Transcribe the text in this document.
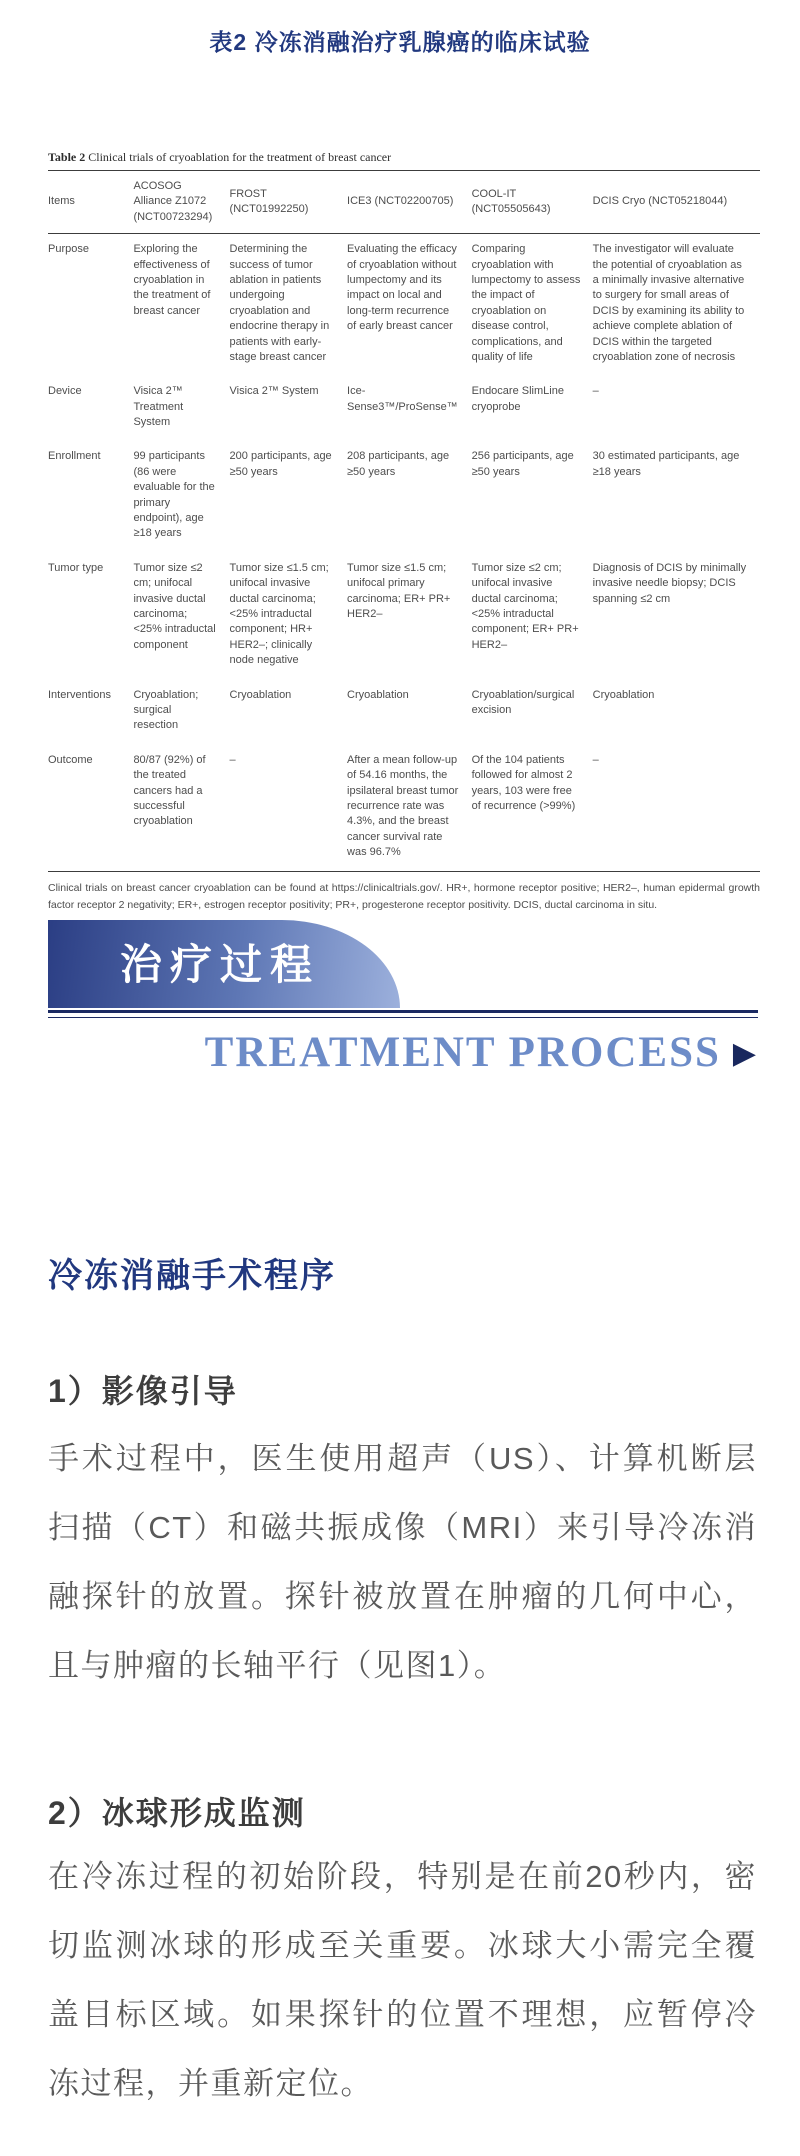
表2 冷冻消融治疗乳腺癌的临床试验
Table 2 Clinical trials of cryoablation for the treatment of breast cancer
Items	ACOSOG Alliance Z1072 (NCT00723294)	FROST (NCT01992250)	ICE3 (NCT02200705)	COOL-IT (NCT05505643)	DCIS Cryo (NCT05218044)
Purpose	Exploring the effectiveness of cryoablation in the treatment of breast cancer	Determining the success of tumor ablation in patients undergoing cryoablation and endocrine therapy in patients with early-stage breast cancer	Evaluating the efficacy of cryoablation without lumpectomy and its impact on local and long-term recurrence of early breast cancer	Comparing cryoablation with lumpectomy to assess the impact of cryoablation on disease control, complications, and quality of life	The investigator will evaluate the potential of cryoablation as a minimally invasive alternative to surgery for small areas of DCIS by examining its ability to achieve complete ablation of DCIS within the targeted cryoablation zone of necrosis
Device	Visica 2™ Treatment System	Visica 2™ System	Ice-Sense3™/ProSense™	Endocare SlimLine cryoprobe	–
Enrollment	99 participants (86 were evaluable for the primary endpoint), age ≥18 years	200 participants, age ≥50 years	208 participants, age ≥50 years	256 participants, age ≥50 years	30 estimated participants, age ≥18 years
Tumor type	Tumor size ≤2 cm; unifocal invasive ductal carcinoma; <25% intraductal component	Tumor size ≤1.5 cm; unifocal invasive ductal carcinoma; <25% intraductal component; HR+ HER2–; clinically node negative	Tumor size ≤1.5 cm; unifocal primary carcinoma; ER+ PR+ HER2–	Tumor size ≤2 cm; unifocal invasive ductal carcinoma; <25% intraductal component; ER+ PR+ HER2–	Diagnosis of DCIS by minimally invasive needle biopsy; DCIS spanning ≤2 cm
Interventions	Cryoablation; surgical resection	Cryoablation	Cryoablation	Cryoablation/surgical excision	Cryoablation
Outcome	80/87 (92%) of the treated cancers had a successful cryoablation	–	After a mean follow-up of 54.16 months, the ipsilateral breast tumor recurrence rate was 4.3%, and the breast cancer survival rate was 96.7%	Of the 104 patients followed for almost 2 years, 103 were free of recurrence (>99%)	–
Clinical trials on breast cancer cryoablation can be found at https://clinicaltrials.gov/. HR+, hormone receptor positive; HER2–, human epidermal growth factor receptor 2 negativity; ER+, estrogen receptor positivity; PR+, progesterone receptor positivity. DCIS, ductal carcinoma in situ.
治疗过程
TREATMENT PROCESS ▶
冷冻消融手术程序
1）影像引导
手术过程中，医生使用超声（US）、计算机断层扫描（CT）和磁共振成像（MRI）来引导冷冻消融探针的放置。探针被放置在肿瘤的几何中心，且与肿瘤的长轴平行（见图1）。
2）冰球形成监测
在冷冻过程的初始阶段，特别是在前20秒内，密切监测冰球的形成至关重要。冰球大小需完全覆盖目标区域。如果探针的位置不理想，应暂停冷冻过程，并重新定位。
